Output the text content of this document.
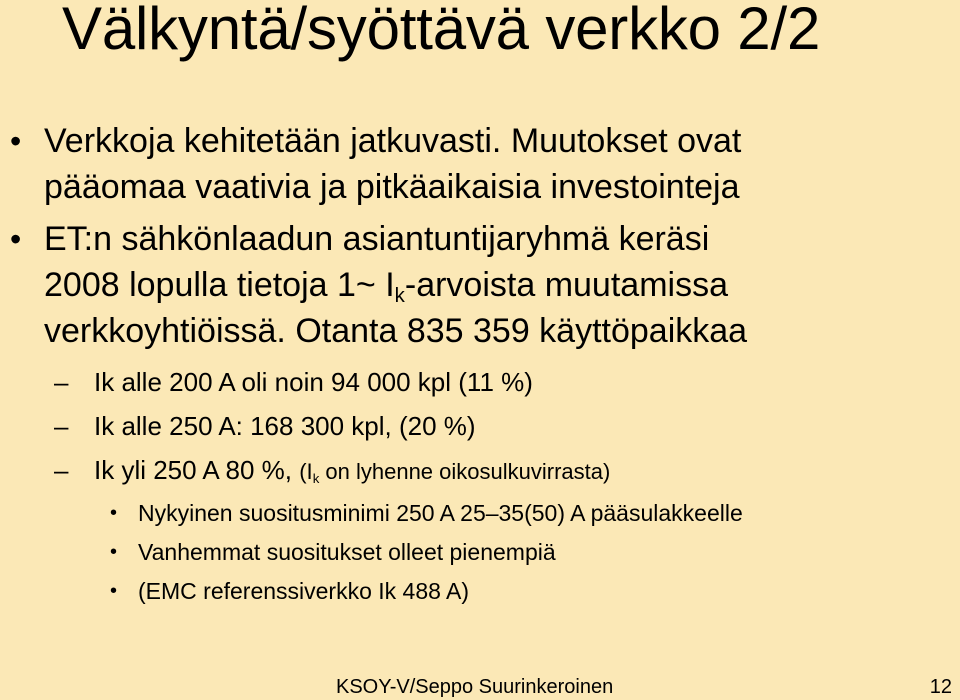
Välkyntä/syöttävä verkko 2/2
• Verkkoja kehitetään jatkuvasti. Muutokset ovat
pääomaa vaativia ja pitkäaikaisia investointeja
• ET:n sähkönlaadun asiantuntijaryhmä keräsi
2008 lopulla tietoja 1~ $I_k$-arvoista muutamissa
verkkoyhtiöissä. Otanta 835 359 käyttöpaikkaa
– Ik alle 200 A oli noin 94 000 kpl (11 %)
– Ik alle 250 A: 168 300 kpl, (20 %)
– Ik yli 250 A 80 %, ($I_k$ on lyhenne oikosulkuvirrasta)
• Nykyinen suositusminimi 250 A 25–35(50) A pääsulakkeelle
• Vanhemmat suositukset olleet pienempiä
• (EMC referenssiverkko Ik 488 A)
KSOY-V/Seppo Suurinkeroinen	12
